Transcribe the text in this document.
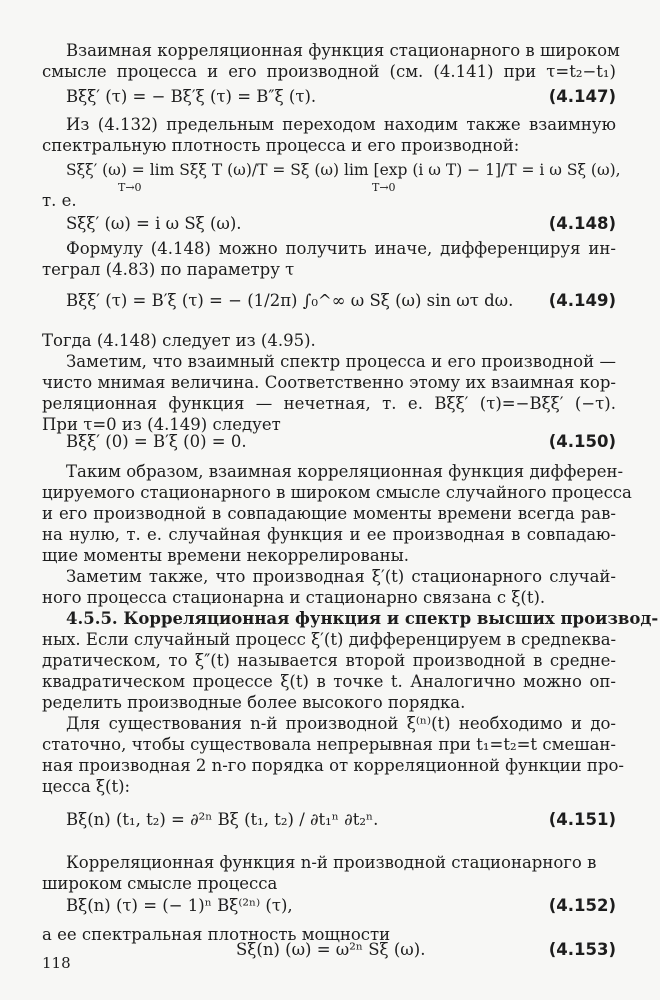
Взаимная корреляционная функция стационарного в широком
смысле процесса и его производной (см. (4.141) при τ=t₂−t₁)
Bξξ′ (τ) = − Bξ′ξ (τ) = B″ξ (τ).	(4.147)
Из (4.132) предельным переходом находим также взаимную
спектральную плотность процесса и его производной:
Sξξ′ (ω) = lim Sξξ T (ω)/T = Sξ (ω) lim [exp (i ω T) − 1]/T = i ω Sξ (ω),
T→0	T→0
т. е.
Sξξ′ (ω) = i ω Sξ (ω).	(4.148)
Формулу (4.148) можно получить иначе, дифференцируя ин-
теграл (4.83) по параметру τ
Bξξ′ (τ) = B′ξ (τ) = − (1/2π) ∫₀^∞ ω Sξ (ω) sin ωτ dω.	(4.149)
Тогда (4.148) следует из (4.95).
Заметим, что взаимный спектр процесса и его производной —
чисто мнимая величина. Соответственно этому их взаимная кор-
реляционная функция — нечетная, т. е. Bξξ′ (τ)=−Bξξ′ (−τ).
При τ=0 из (4.149) следует
Bξξ′ (0) = B′ξ (0) = 0.	(4.150)
Таким образом, взаимная корреляционная функция дифферен-
цируемого стационарного в широком смысле случайного процесса
и его производной в совпадающие моменты времени всегда рав-
на нулю, т. е. случайная функция и ее производная в совпадаю-
щие моменты времени некоррелированы.
Заметим также, что производная ξ′(t) стационарного случай-
ного процесса стационарна и стационарно связана с ξ(t).
4.5.5. Корреляционная функция и спектр высших производ-
ных. Если случайный процесс ξ′(t) дифференцируем в средneква-
дратическом, то ξ″(t) называется второй производной в средне-
квадратическом процессе ξ(t) в точке t. Аналогично можно оп-
ределить производные более высокого порядка.
Для существования n-й производной ξ⁽ⁿ⁾(t) необходимо и до-
статочно, чтобы существовала непрерывная при t₁=t₂=t смешан-
ная производная 2 n-го порядка от корреляционной функции про-
цесса ξ(t):
Bξ(n) (t₁, t₂) = ∂²ⁿ Bξ (t₁, t₂) / ∂t₁ⁿ ∂t₂ⁿ.	(4.151)
Корреляционная функция n-й производной стационарного в
широком смысле процесса
Bξ(n) (τ) = (− 1)ⁿ Bξ⁽²ⁿ⁾ (τ),	(4.152)
а ее спектральная плотность мощности
Sξ(n) (ω) = ω²ⁿ Sξ (ω).	(4.153)
118
